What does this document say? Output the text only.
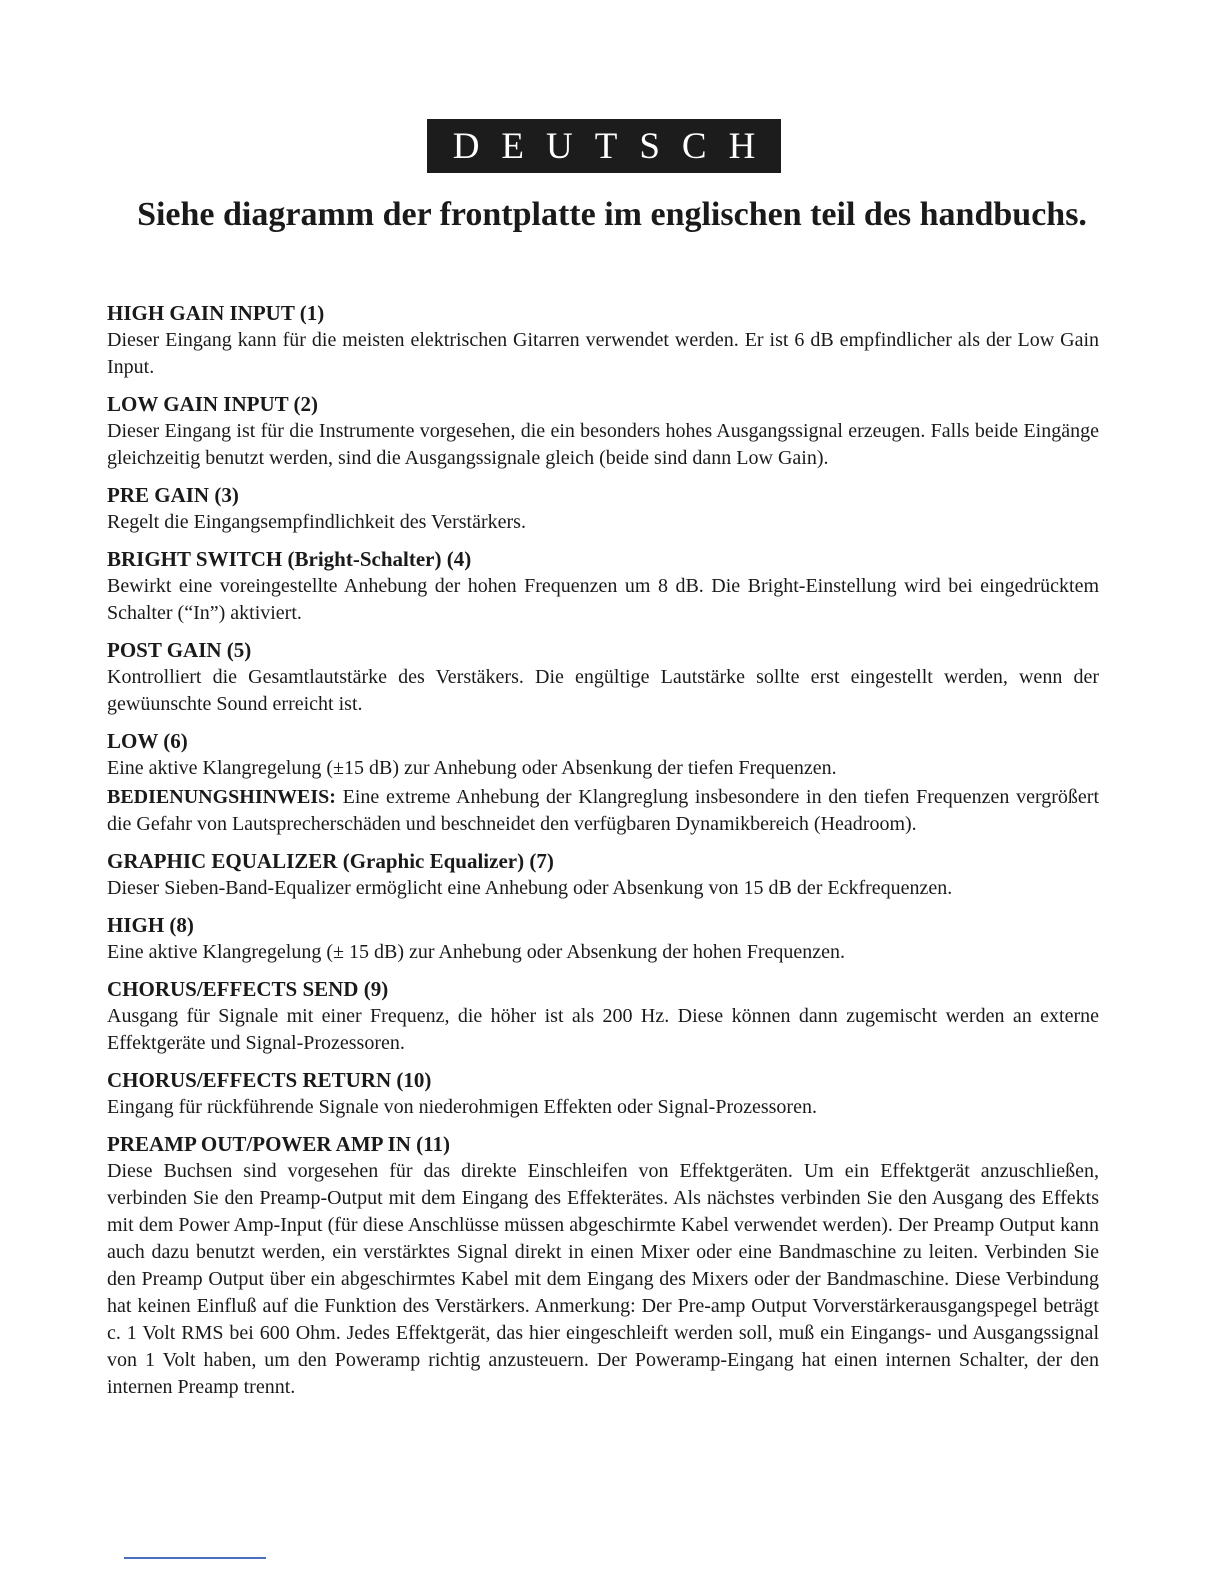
DEUTSCH
Siehe diagramm der frontplatte im englischen teil des handbuchs.

HIGH GAIN INPUT (1)

Dieser Eingang kann für die meisten elektrischen Gitarren verwendet werden. Er ist 6 dB empfindlicher als der Low Gain Input.

LOW GAIN INPUT (2)

Dieser Eingang ist für die Instrumente vorgesehen, die ein besonders hohes Ausgangssignal erzeugen. Falls beide Eingänge gleichzeitig benutzt werden, sind die Ausgangssignale gleich (beide sind dann Low Gain).

PRE GAIN (3)

Regelt die Eingangsempfindlichkeit des Verstärkers.

BRIGHT SWITCH (Bright-Schalter) (4)

Bewirkt eine voreingestellte Anhebung der hohen Frequenzen um 8 dB. Die Bright-Einstellung wird bei eingedrücktem Schalter (“In”) aktiviert.

POST GAIN (5)

Kontrolliert die Gesamtlautstärke des Verstäkers. Die engültige Lautstärke sollte erst eingestellt werden, wenn der gewüunschte Sound erreicht ist.

LOW (6)

Eine aktive Klangregelung (±15 dB) zur Anhebung oder Absenkung der tiefen Frequenzen.

BEDIENUNGSHINWEIS: Eine extreme Anhebung der Klangreglung insbesondere in den tiefen Frequenzen vergrößert die Gefahr von Lautsprecherschäden und beschneidet den verfügbaren Dynamikbereich (Headroom).

GRAPHIC EQUALIZER (Graphic Equalizer) (7)

Dieser Sieben-Band-Equalizer ermöglicht eine Anhebung oder Absenkung von 15 dB der Eckfrequenzen.

HIGH (8)

Eine aktive Klangregelung (± 15 dB) zur Anhebung oder Absenkung der hohen Frequenzen.

CHORUS/EFFECTS SEND (9)

Ausgang für Signale mit einer Frequenz, die höher ist als 200 Hz. Diese können dann zugemischt werden an externe Effektgeräte und Signal-Prozessoren.

CHORUS/EFFECTS RETURN (10)

Eingang für rückführende Signale von niederohmigen Effekten oder Signal-Prozessoren.

PREAMP OUT/POWER AMP IN (11)

Diese Buchsen sind vorgesehen für das direkte Einschleifen von Effektgeräten. Um ein Effektgerät anzuschließen, verbinden Sie den Preamp-Output mit dem Eingang des Effekterätes. Als nächstes verbinden Sie den Ausgang des Effekts mit dem Power Amp-Input (für diese Anschlüsse müssen abgeschirmte Kabel verwendet werden). Der Preamp Output kann auch dazu benutzt werden, ein verstärktes Signal direkt in einen Mixer oder eine Bandmaschine zu leiten. Verbinden Sie den Preamp Output über ein abgeschirmtes Kabel mit dem Eingang des Mixers oder der Bandmaschine. Diese Verbindung hat keinen Einfluß auf die Funktion des Verstärkers. Anmerkung: Der Pre-amp Output Vorverstärkerausgangspegel beträgt c. 1 Volt RMS bei 600 Ohm. Jedes Effektgerät, das hier eingeschleift werden soll, muß ein Eingangs- und Ausgangssignal von 1 Volt haben, um den Poweramp richtig anzusteuern. Der Poweramp-Eingang hat einen internen Schalter, der den internen Preamp trennt.
